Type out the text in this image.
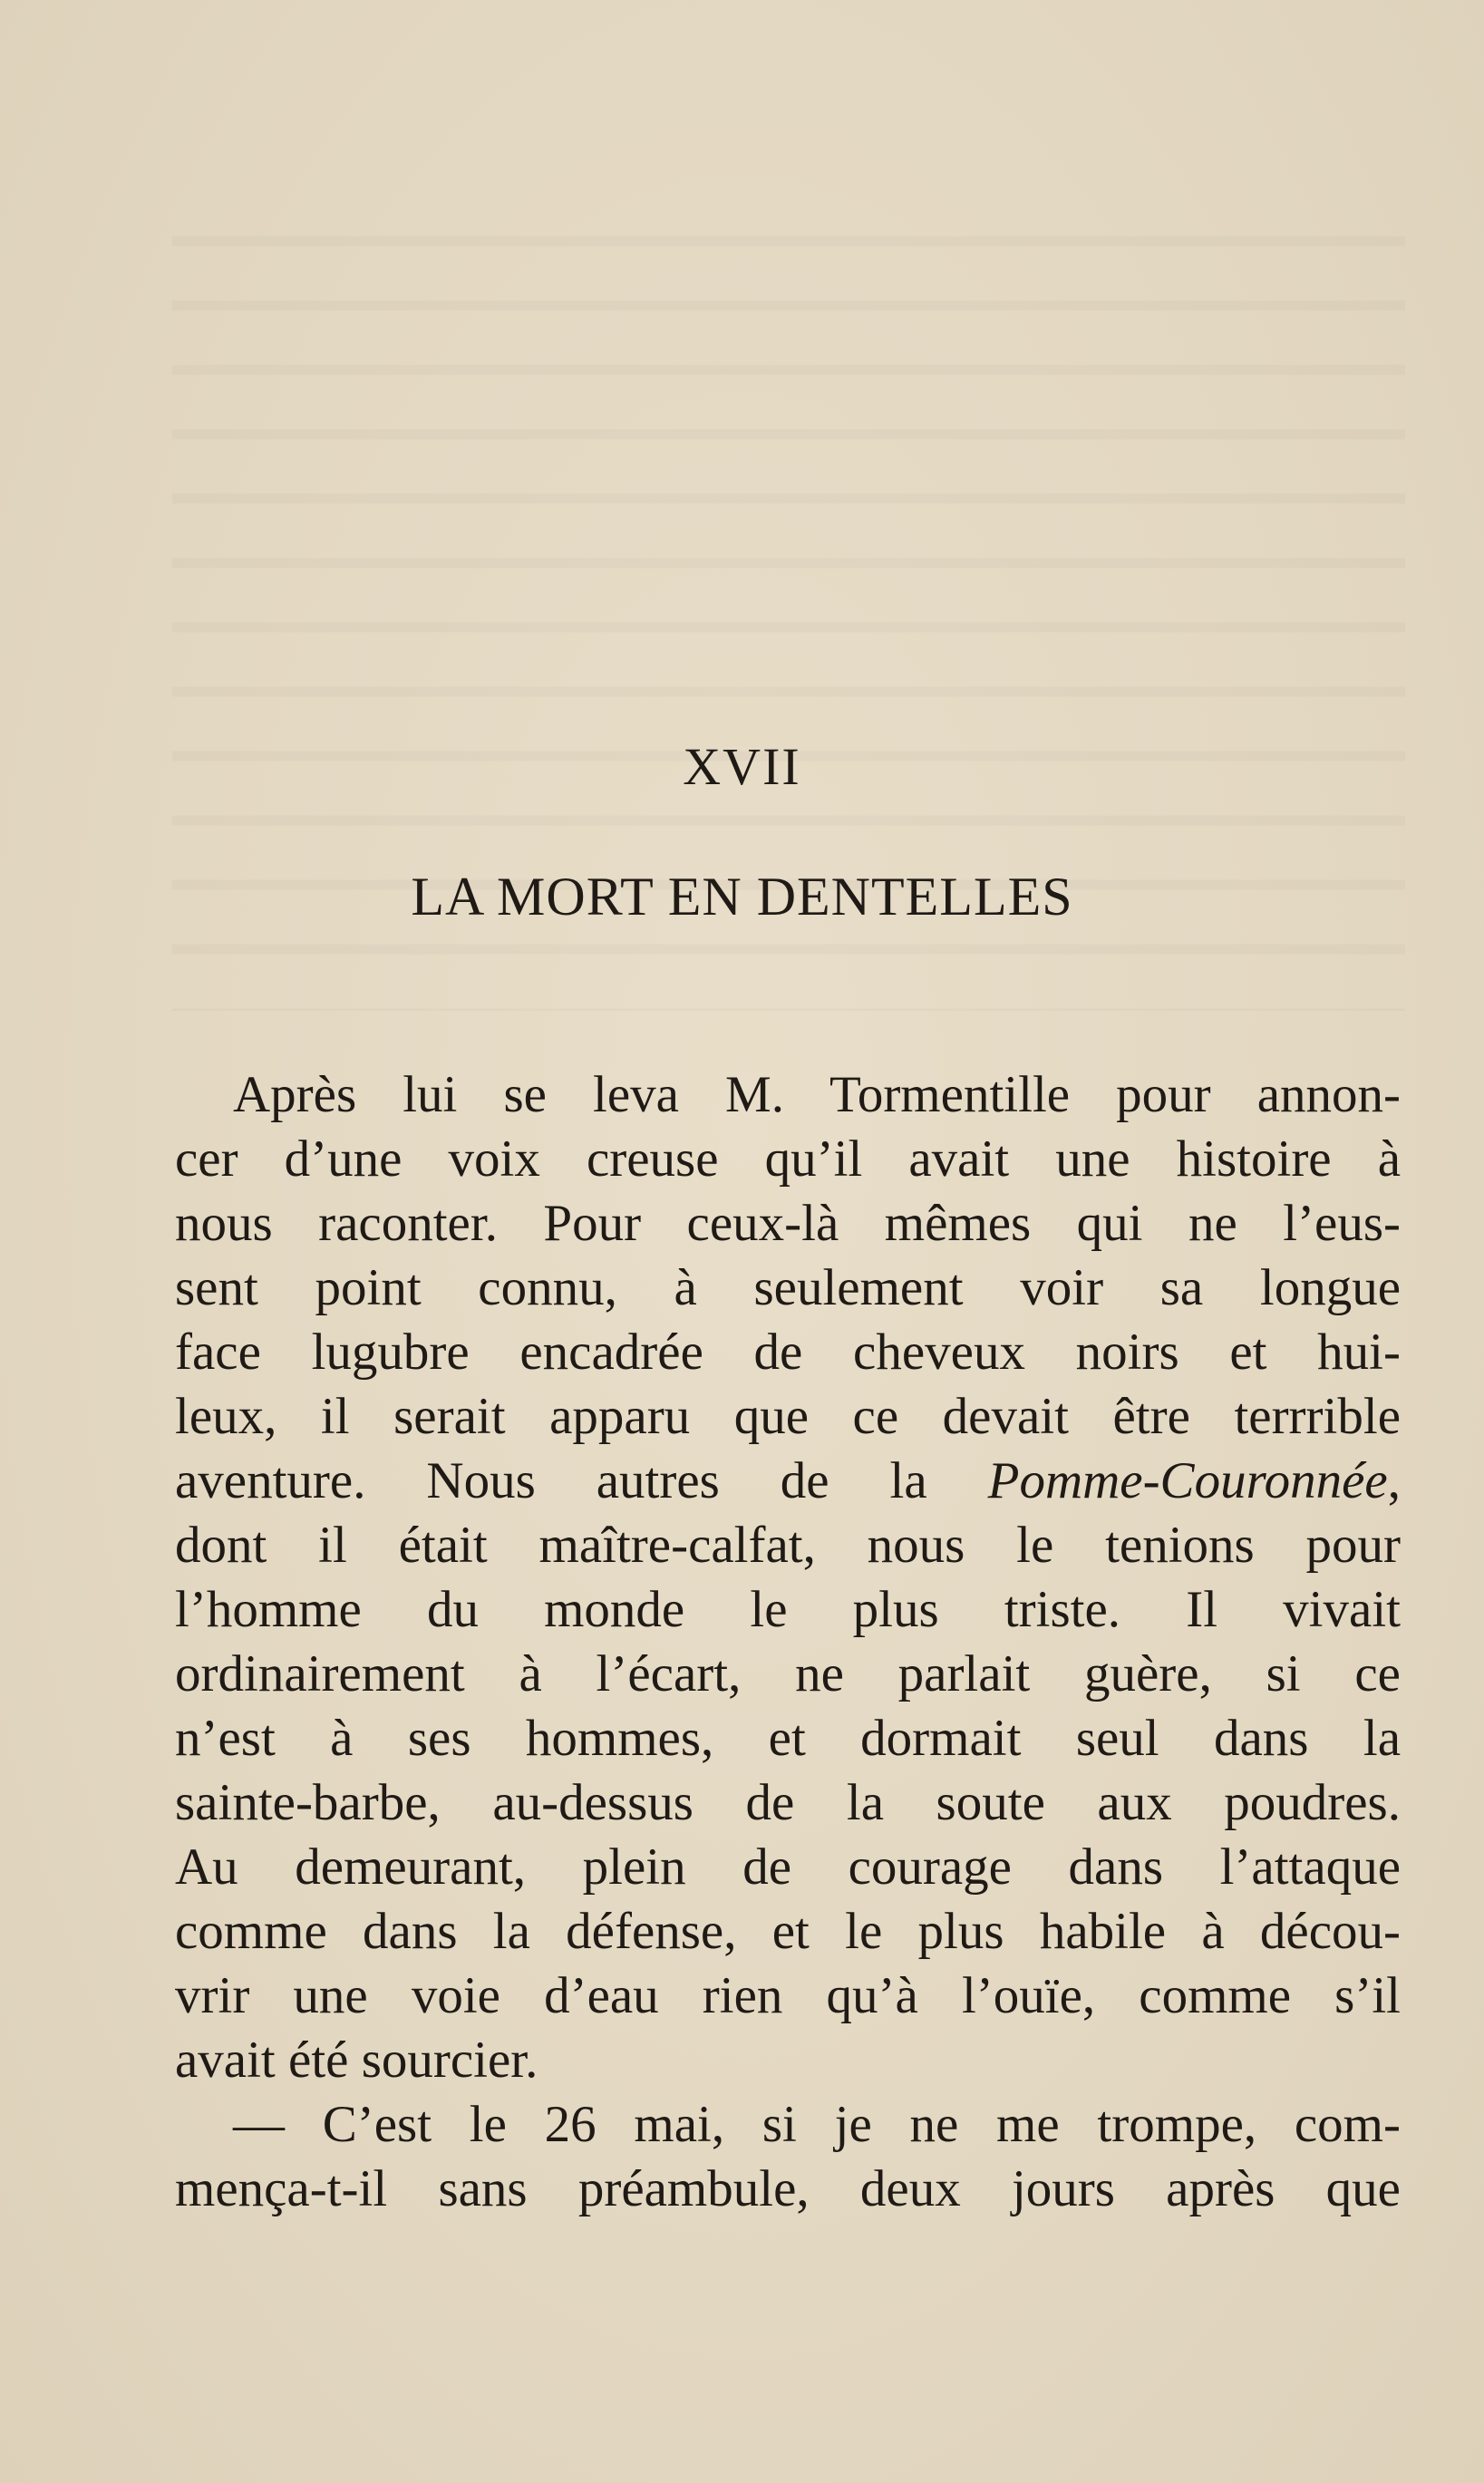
XVII
LA MORT EN DENTELLES
Après lui se leva M. Tormentille pour annon-
cer d’une voix creuse qu’il avait une histoire à
nous raconter. Pour ceux-là mêmes qui ne l’eus-
sent point connu, à seulement voir sa longue
face lugubre encadrée de cheveux noirs et hui-
leux, il serait apparu que ce devait être terrrible
aventure. Nous autres de la Pomme-Couronnée,
dont il était maître-calfat, nous le tenions pour
l’homme du monde le plus triste. Il vivait
ordinairement à l’écart, ne parlait guère, si ce
n’est à ses hommes, et dormait seul dans la
sainte-barbe, au-dessus de la soute aux poudres.
Au demeurant, plein de courage dans l’attaque
comme dans la défense, et le plus habile à décou-
vrir une voie d’eau rien qu’à l’ouïe, comme s’il
avait été sourcier.
— C’est le 26 mai, si je ne me trompe, com-
mença-t-il sans préambule, deux jours après que
